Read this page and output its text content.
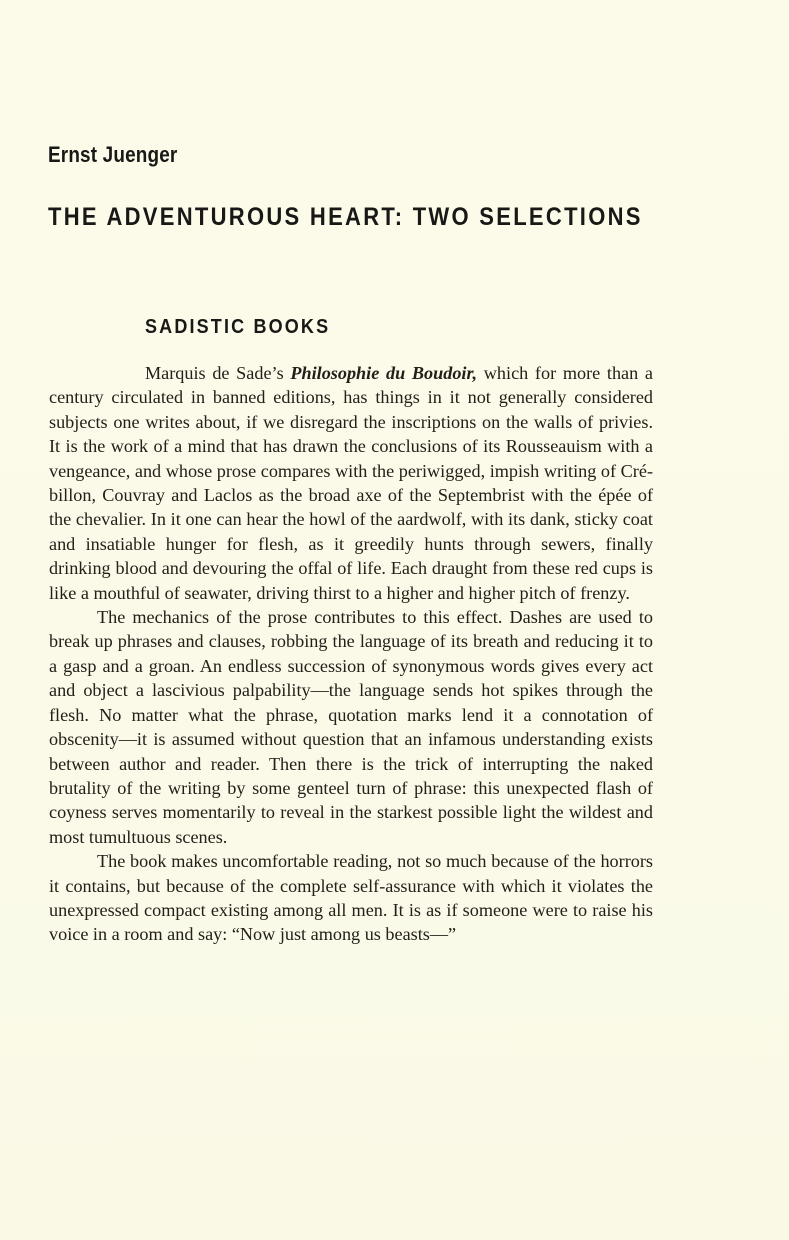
Ernst Juenger
THE ADVENTUROUS HEART: TWO SELECTIONS
SADISTIC BOOKS

Marquis de Sade’s Philosophie du Boudoir, which for more than a century circulated in banned editions, has things in it not generally considered subjects one writes about, if we disregard the inscriptions on the walls of privies. It is the work of a mind that has drawn the conclusions of its Rousseauism with a vengeance, and whose prose compares with the periwigged, impish writing of Crébillon, Couvray and Laclos as the broad axe of the Septembrist with the épée of the chevalier. In it one can hear the howl of the aardwolf, with its dank, sticky coat and insatiable hunger for flesh, as it greedily hunts through sewers, finally drinking blood and devouring the offal of life. Each draught from these red cups is like a mouthful of seawater, driving thirst to a higher and higher pitch of frenzy.

The mechanics of the prose contributes to this effect. Dashes are used to break up phrases and clauses, robbing the language of its breath and reducing it to a gasp and a groan. An endless succession of synonymous words gives every act and object a lascivious palpability—the language sends hot spikes through the flesh. No matter what the phrase, quotation marks lend it a connotation of obscenity—it is assumed without question that an infamous understanding exists between author and reader. Then there is the trick of interrupting the naked brutality of the writing by some genteel turn of phrase: this unexpected flash of coyness serves momentarily to reveal in the starkest possible light the wildest and most tumultuous scenes.

The book makes uncomfortable reading, not so much because of the horrors it contains, but because of the complete self-assurance with which it violates the unexpressed compact existing among all men. It is as if someone were to raise his voice in a room and say: “Now just among us beasts—”
